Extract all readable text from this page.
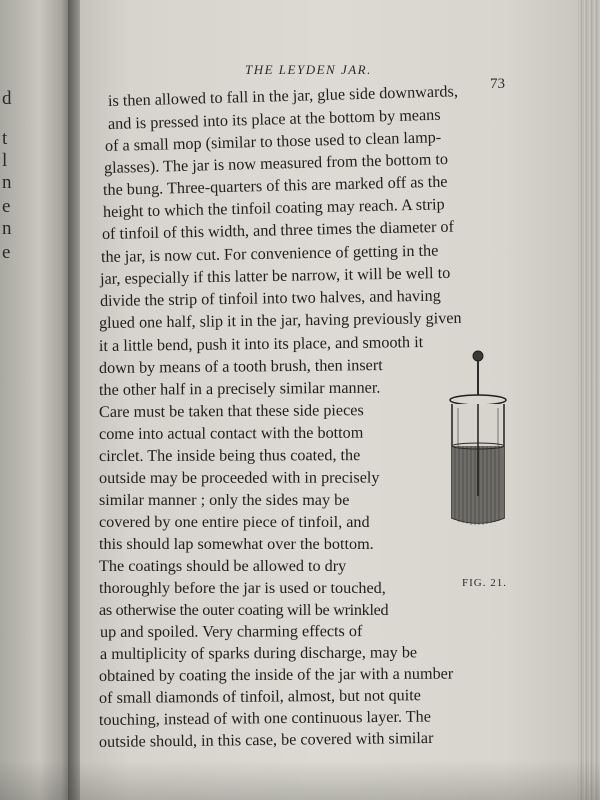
d
t
l
n
e
n
e
THE LEYDEN JAR.
73
is then allowed to fall in the jar, glue side downwards,
and is pressed into its place at the bottom by means
of a small mop (similar to those used to clean lamp-
glasses). The jar is now measured from the bottom to
the bung. Three-quarters of this are marked off as the
height to which the tinfoil coating may reach. A strip
of tinfoil of this width, and three times the diameter of
the jar, is now cut. For convenience of getting in the
jar, especially if this latter be narrow, it will be well to
divide the strip of tinfoil into two halves, and having
glued one half, slip it in the jar, having previously given
it a little bend, push it into its place, and smooth it
down by means of a tooth brush, then insert
the other half in a precisely similar manner.
Care must be taken that these side pieces
come into actual contact with the bottom
circlet. The inside being thus coated, the
outside may be proceeded with in precisely
similar manner ; only the sides may be
covered by one entire piece of tinfoil, and
this should lap somewhat over the bottom.
The coatings should be allowed to dry
thoroughly before the jar is used or touched,
as otherwise the outer coating will be wrinkled
up and spoiled. Very charming effects of
a multiplicity of sparks during discharge, may be
obtained by coating the inside of the jar with a number
of small diamonds of tinfoil, almost, but not quite
touching, instead of with one continuous layer. The
outside should, in this case, be covered with similar
FIG. 21.
